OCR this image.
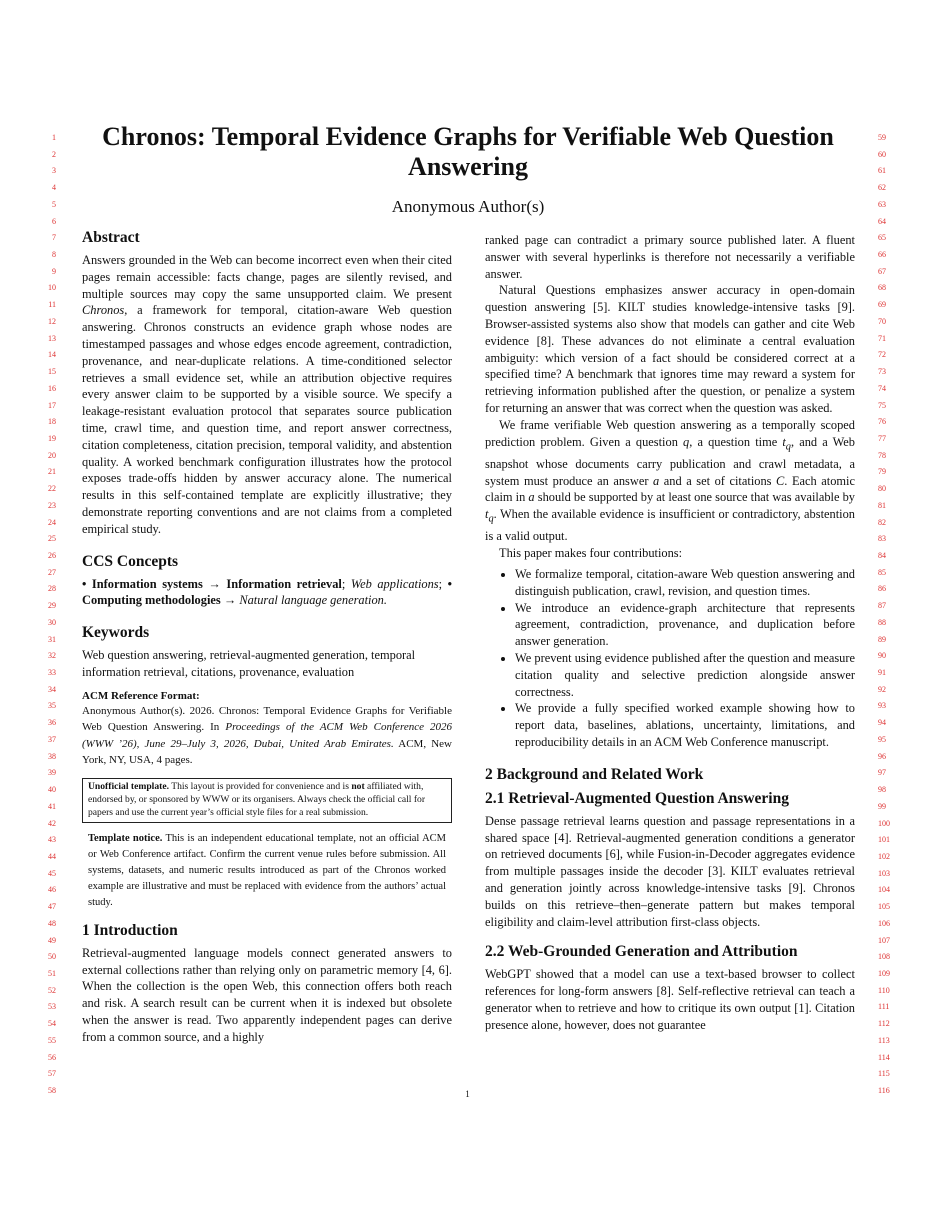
Chronos: Temporal Evidence Graphs for Verifiable Web Question Answering
Anonymous Author(s)
Abstract

Answers grounded in the Web can become incorrect even when their cited pages remain accessible: facts change, pages are silently revised, and multiple sources may copy the same unsupported claim. We present Chronos, a framework for temporal, citation-aware Web question answering. Chronos constructs an evidence graph whose nodes are timestamped passages and whose edges encode agreement, contradiction, provenance, and near-duplicate relations. A time-conditioned selector retrieves a small evidence set, while an attribution objective requires every answer claim to be supported by a visible source. We specify a leakage-resistant evaluation protocol that separates source publication time, crawl time, and question time, and report answer correctness, citation completeness, citation precision, temporal validity, and abstention quality. A worked benchmark configuration illustrates how the protocol exposes trade-offs hidden by answer accuracy alone. The numerical results in this self-contained template are explicitly illustrative; they demonstrate reporting conventions and are not claims from a completed empirical study.

CCS Concepts

• Information systems → Information retrieval; Web applications; • Computing methodologies → Natural language generation.

Keywords

Web question answering, retrieval-augmented generation, temporal information retrieval, citations, provenance, evaluation

ACM Reference Format:
Anonymous Author(s). 2026. Chronos: Temporal Evidence Graphs for Verifiable Web Question Answering. In Proceedings of the ACM Web Conference 2026 (WWW ’26), June 29–July 3, 2026, Dubai, United Arab Emirates. ACM, New York, NY, USA, 4 pages.
Unofficial template. This layout is provided for convenience and is not affiliated with, endorsed by, or sponsored by WWW or its organisers. Always check the official call for papers and use the current year’s official style files for a real submission.
Template notice. This is an independent educational template, not an official ACM or Web Conference artifact. Confirm the current venue rules before submission. All systems, datasets, and numeric results introduced as part of the Chronos worked example are illustrative and must be replaced with evidence from the authors’ actual study.
1 Introduction

Retrieval-augmented language models connect generated answers to external collections rather than relying only on parametric memory [4, 6]. When the collection is the open Web, this connection offers both reach and risk. A search result can be current when it is indexed but obsolete when the answer is read. Two apparently independent pages can derive from a common source, and a highly

ranked page can contradict a primary source published later. A fluent answer with several hyperlinks is therefore not necessarily a verifiable answer.

Natural Questions emphasizes answer accuracy in open-domain question answering [5]. KILT studies knowledge-intensive tasks [9]. Browser-assisted systems also show that models can gather and cite Web evidence [8]. These advances do not eliminate a central evaluation ambiguity: which version of a fact should be considered correct at a specified time? A benchmark that ignores time may reward a system for retrieving information published after the question, or penalize a system for returning an answer that was correct when the question was asked.

We frame verifiable Web question answering as a temporally scoped prediction problem. Given a question q, a question time $t_q$, and a Web snapshot whose documents carry publication and crawl metadata, a system must produce an answer a and a set of citations C. Each atomic claim in a should be supported by at least one source that was available by $t_q$. When the available evidence is insufficient or contradictory, abstention is a valid output.

This paper makes four contributions:

• We formalize temporal, citation-aware Web question answering and distinguish publication, crawl, revision, and question times.
• We introduce an evidence-graph architecture that represents agreement, contradiction, provenance, and duplication before answer generation.
• We prevent using evidence published after the question and measure citation quality and selective prediction alongside answer correctness.
• We provide a fully specified worked example showing how to report data, baselines, ablations, uncertainty, limitations, and reproducibility details in an ACM Web Conference manuscript.
2 Background and Related Work
2.1 Retrieval-Augmented Question Answering

Dense passage retrieval learns question and passage representations in a shared space [4]. Retrieval-augmented generation conditions a generator on retrieved documents [6], while Fusion-in-Decoder aggregates evidence from multiple passages inside the decoder [3]. KILT evaluates retrieval and generation jointly across knowledge-intensive tasks [9]. Chronos builds on this retrieve–then–generate pattern but makes temporal eligibility and claim-level attribution first-class objects.

2.2 Web-Grounded Generation and Attribution

WebGPT showed that a model can use a text-based browser to collect references for long-form answers [8]. Self-reflective retrieval can teach a generator when to retrieve and how to critique its own output [1]. Citation presence alone, however, does not guarantee

1
1	59
2	60
3	61
4	62
5	63
6	64
7	65
8	66
9	67
10	68
11	69
12	70
13	71
14	72
15	73
16	74
17	75
18	76
19	77
20	78
21	79
22	80
23	81
24	82
25	83
26	84
27	85
28	86
29	87
30	88
31	89
32	90
33	91
34	92
35	93
36	94
37	95
38	96
39	97
40	98
41	99
42	100
43	101
44	102
45	103
46	104
47	105
48	106
49	107
50	108
51	109
52	110
53	111
54	112
55	113
56	114
57	115
58	116
